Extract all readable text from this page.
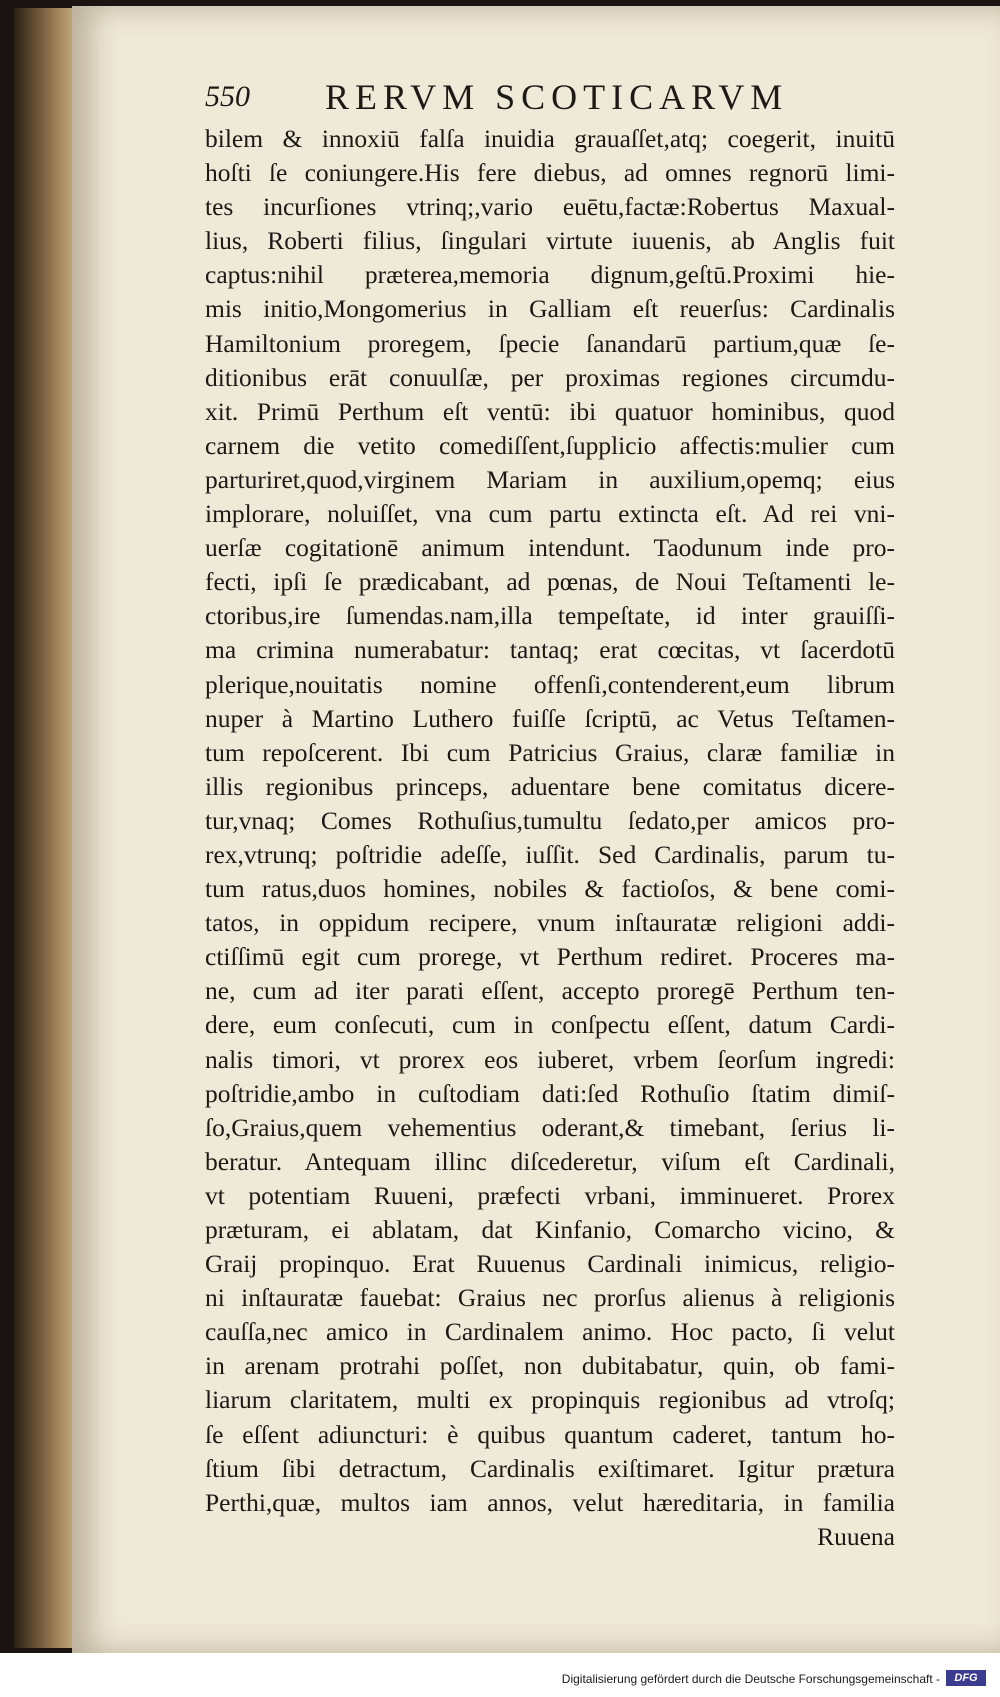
550 RERVM SCOTICARVM
bilem & innoxiū falſa inuidia grauaſſet,atq; coegerit, inuitū
hoſti ſe coniungere.His fere diebus, ad omnes regnorū limi-
tes incurſiones vtrinq;,vario euētu,factæ:Robertus Maxual-
lius, Roberti filius, ſingulari virtute iuuenis, ab Anglis fuit
captus:nihil præterea,memoria dignum,geſtū.Proximi hie-
mis initio,Mongomerius in Galliam eſt reuerſus: Cardinalis
Hamiltonium proregem, ſpecie ſanandarū partium,quæ ſe-
ditionibus erāt conuulſæ, per proximas regiones circumdu-
xit. Primū Perthum eſt ventū: ibi quatuor hominibus, quod
carnem die vetito comediſſent,ſupplicio affectis:mulier cum
parturiret,quod,virginem Mariam in auxilium,opemq; eius
implorare, noluiſſet, vna cum partu extincta eſt. Ad rei vni-
uerſæ cogitationē animum intendunt. Taodunum inde pro-
fecti, ipſi ſe prædicabant, ad pœnas, de Noui Teſtamenti le-
ctoribus,ire ſumendas.nam,illa tempeſtate, id inter grauiſſi-
ma crimina numerabatur: tantaq; erat cœcitas, vt ſacerdotū
plerique,nouitatis nomine offenſi,contenderent,eum librum
nuper à Martino Luthero fuiſſe ſcriptū, ac Vetus Teſtamen-
tum repoſcerent. Ibi cum Patricius Graius, claræ familiæ in
illis regionibus princeps, aduentare bene comitatus dicere-
tur,vnaq; Comes Rothuſius,tumultu ſedato,per amicos pro-
rex,vtrunq; poſtridie adeſſe, iuſſit. Sed Cardinalis, parum tu-
tum ratus,duos homines, nobiles & factioſos, & bene comi-
tatos, in oppidum recipere, vnum inſtauratæ religioni addi-
ctiſſimū egit cum prorege, vt Perthum rediret. Proceres ma-
ne, cum ad iter parati eſſent, accepto proregē Perthum ten-
dere, eum conſecuti, cum in conſpectu eſſent, datum Cardi-
nalis timori, vt prorex eos iuberet, vrbem ſeorſum ingredi:
poſtridie,ambo in cuſtodiam dati:ſed Rothuſio ſtatim dimiſ-
ſo,Graius,quem vehementius oderant,& timebant, ſerius li-
beratur. Antequam illinc diſcederetur, viſum eſt Cardinali,
vt potentiam Ruueni, præfecti vrbani, imminueret. Prorex
præturam, ei ablatam, dat Kinfanio, Comarcho vicino, &
Graij propinquo. Erat Ruuenus Cardinali inimicus, religio-
ni inſtauratæ fauebat: Graius nec prorſus alienus à religionis
cauſſa,nec amico in Cardinalem animo. Hoc pacto, ſi velut
in arenam protrahi poſſet, non dubitabatur, quin, ob fami-
liarum claritatem, multi ex propinquis regionibus ad vtroſq;
ſe eſſent adiuncturi: è quibus quantum caderet, tantum ho-
ſtium ſibi detractum, Cardinalis exiſtimaret. Igitur prætura
Perthi,quæ, multos iam annos, velut hæreditaria, in familia
Ruuena
Digitalisierung gefördert durch die Deutsche Forschungsgemeinschaft -	DFG
